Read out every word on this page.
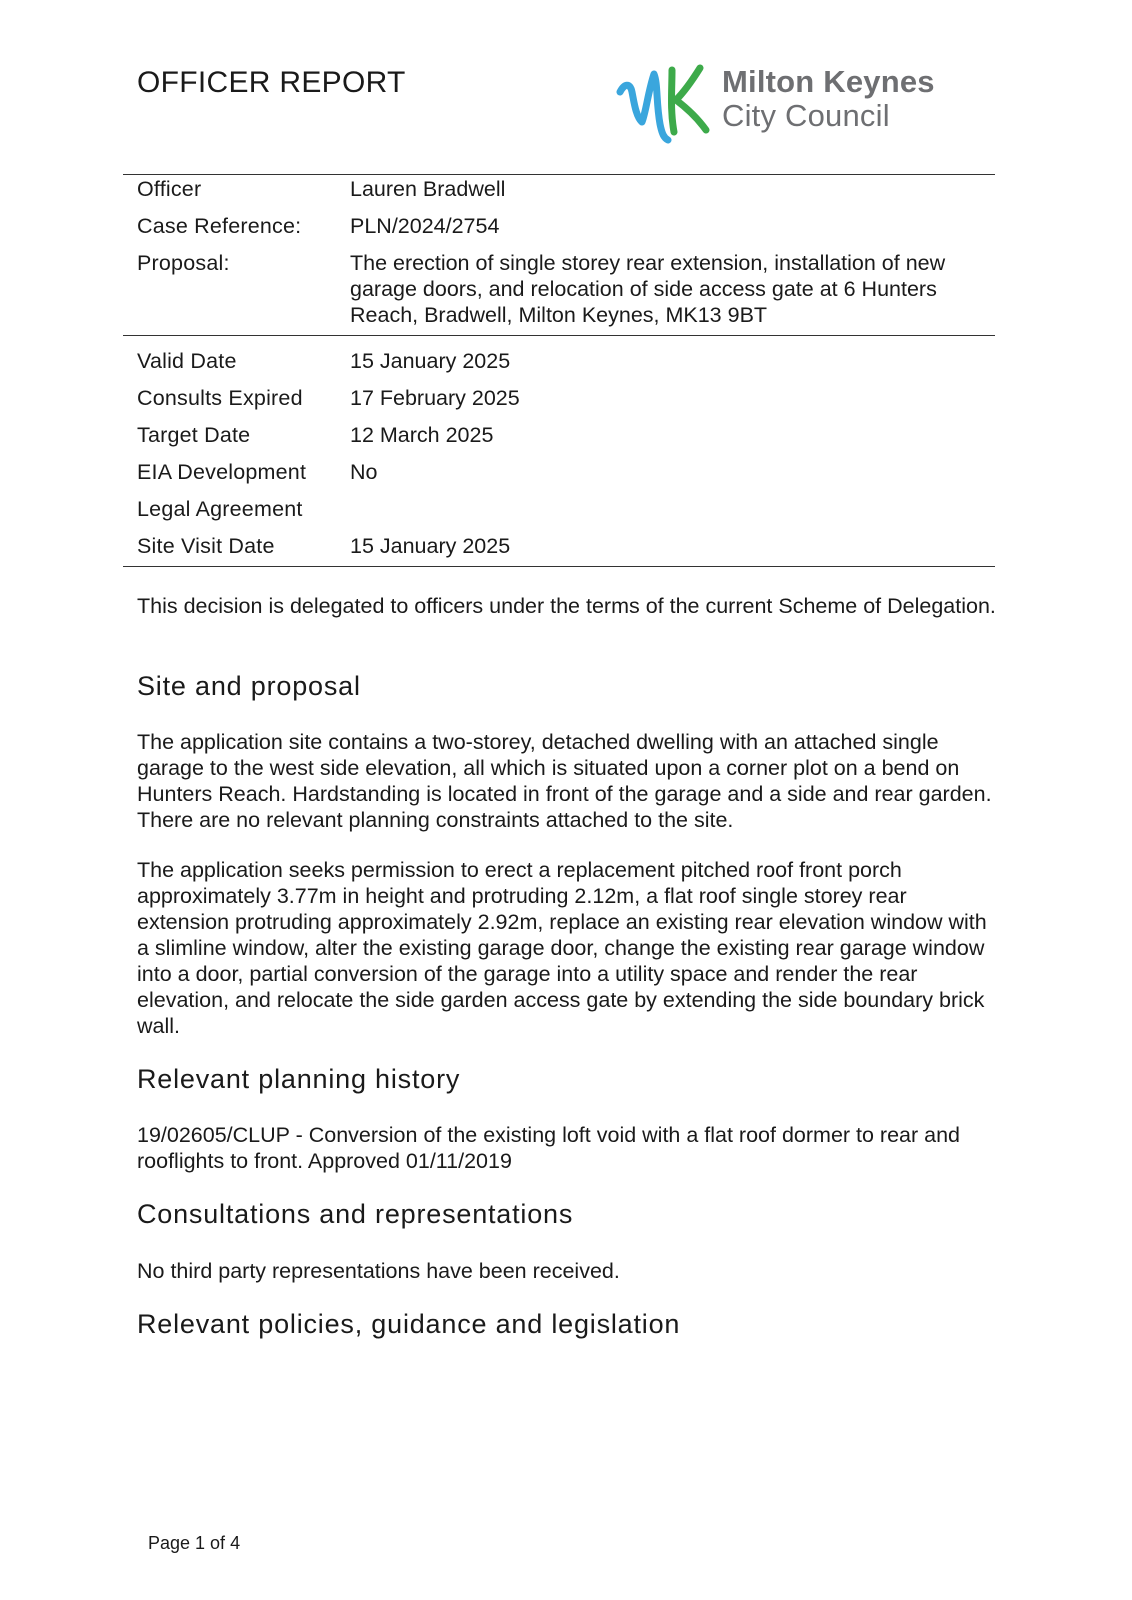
OFFICER REPORT	Milton Keynes
City Council
Officer	Lauren Bradwell
Case Reference:	PLN/2024/2754
Proposal:	The erection of single storey rear extension, installation of new garage doors, and relocation of side access gate at 6 Hunters Reach, Bradwell, Milton Keynes, MK13 9BT
Valid Date	15 January 2025
Consults Expired	17 February 2025
Target Date	12 March 2025
EIA Development	No
Legal Agreement
Site Visit Date	15 January 2025

This decision is delegated to officers under the terms of the current Scheme of Delegation.

Site and proposal

The application site contains a two-storey, detached dwelling with an attached single garage to the west side elevation, all which is situated upon a corner plot on a bend on Hunters Reach. Hardstanding is located in front of the garage and a side and rear garden. There are no relevant planning constraints attached to the site.

The application seeks permission to erect a replacement pitched roof front porch approximately 3.77m in height and protruding 2.12m, a flat roof single storey rear extension protruding approximately 2.92m, replace an existing rear elevation window with a slimline window, alter the existing garage door, change the existing rear garage window into a door, partial conversion of the garage into a utility space and render the rear elevation, and relocate the side garden access gate by extending the side boundary brick wall.

Relevant planning history

19/02605/CLUP - Conversion of the existing loft void with a flat roof dormer to rear and rooflights to front. Approved 01/11/2019

Consultations and representations

No third party representations have been received.

Relevant policies, guidance and legislation
Page 1 of 4
